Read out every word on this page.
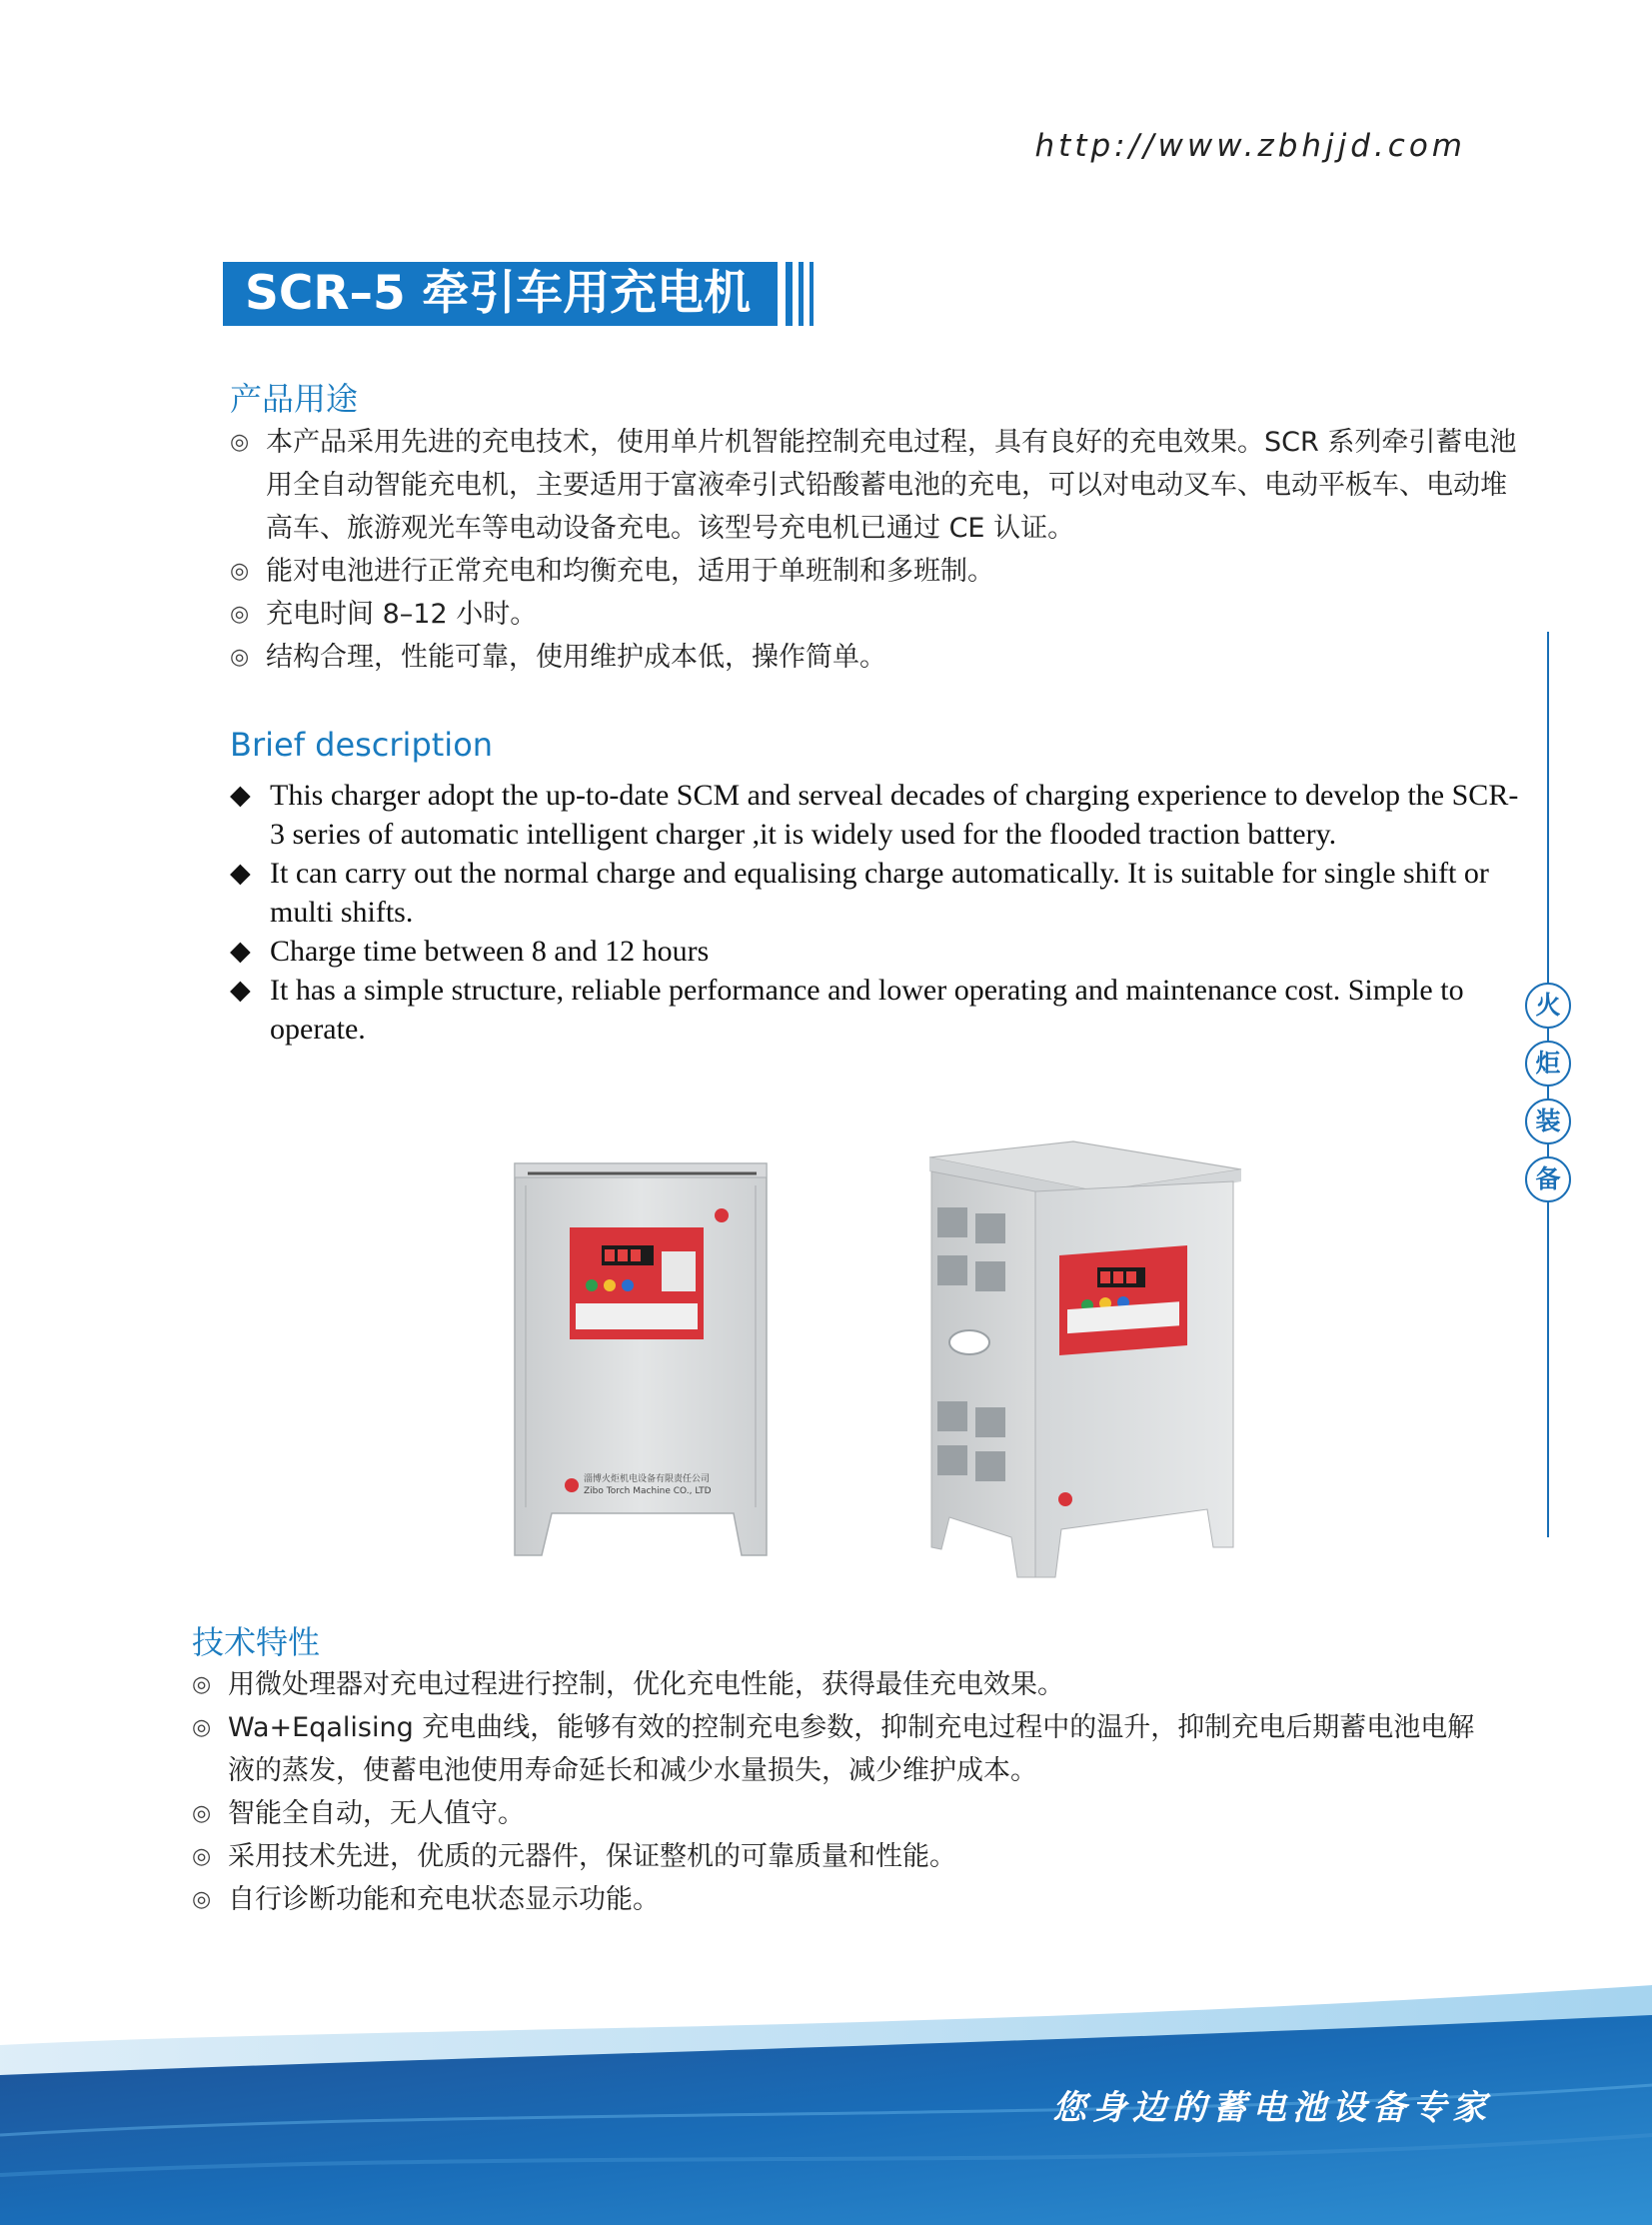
http://www.zbhjjd.com
SCR–5 牵引车用充电机
产品用途
◎ 本产品采用先进的充电技术，使用单片机智能控制充电过程，具有良好的充电效果。SCR 系列牵引蓄电池用全自动智能充电机，主要适用于富液牵引式铅酸蓄电池的充电，可以对电动叉车、电动平板车、电动堆高车、旅游观光车等电动设备充电。该型号充电机已通过 CE 认证。
◎ 能对电池进行正常充电和均衡充电，适用于单班制和多班制。
◎ 充电时间 8–12 小时。
◎ 结构合理，性能可靠，使用维护成本低，操作简单。
Brief description
◆ This charger adopt the up-to-date SCM and serveal decades of charging experience to develop the SCR-3 series of automatic intelligent charger ,it is widely used for the flooded traction battery.
◆ It can carry out the normal charge and equalising charge automatically. It is suitable for single shift or multi shifts.
◆ Charge time between 8 and 12 hours
◆ It has a simple structure, reliable performance and lower operating and maintenance cost. Simple to operate.
火
炬
装
备
淄博火炬机电设备有限责任公司
Zibo Torch Machine CO., LTD
技术特性
◎ 用微处理器对充电过程进行控制，优化充电性能，获得最佳充电效果。
◎ Wa+Eqalising 充电曲线，能够有效的控制充电参数，抑制充电过程中的温升，抑制充电后期蓄电池电解液的蒸发，使蓄电池使用寿命延长和减少水量损失，减少维护成本。
◎ 智能全自动，无人值守。
◎ 采用技术先进，优质的元器件，保证整机的可靠质量和性能。
◎ 自行诊断功能和充电状态显示功能。
您身边的蓄电池设备专家
